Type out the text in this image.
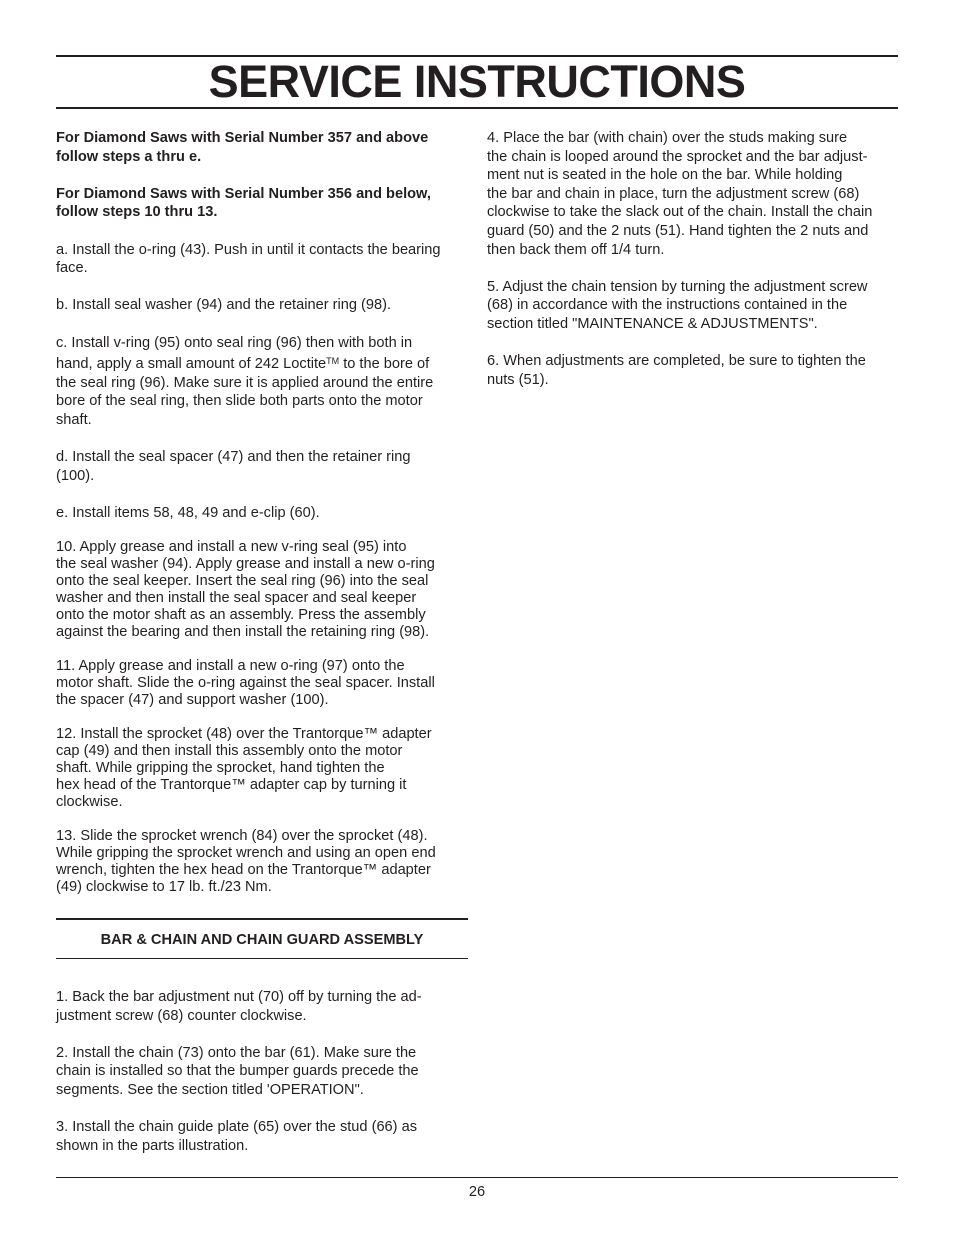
SERVICE INSTRUCTIONS

For Diamond Saws with Serial Number 357 and above
follow steps a thru e.

For Diamond Saws with Serial Number 356 and below,
follow steps 10 thru 13.

a. Install the o-ring (43). Push in until it contacts the bearing
face.

b. Install seal washer (94) and the retainer ring (98).

c. Install v-ring (95) onto seal ring (96) then with both in
hand, apply a small amount of 242 Loctite™ to the bore of
the seal ring (96). Make sure it is applied around the entire
bore of the seal ring, then slide both parts onto the motor
shaft.

d. Install the seal spacer (47) and then the retainer ring
(100).

e. Install items 58, 48, 49 and e-clip (60).

10. Apply grease and install a new v-ring seal (95) into
the seal washer (94). Apply grease and install a new o-ring
onto the seal keeper. Insert the seal ring (96) into the seal
washer and then install the seal spacer and seal keeper
onto the motor shaft as an assembly. Press the assembly
against the bearing and then install the retaining ring (98).

11. Apply grease and install a new o-ring (97) onto the
motor shaft. Slide the o-ring against the seal spacer. Install
the spacer (47) and support washer (100).

12. Install the sprocket (48) over the Trantorque™ adapter
cap (49) and then install this assembly onto the motor
shaft. While gripping the sprocket, hand tighten the
hex head of the Trantorque™ adapter cap by turning it
clockwise.

13. Slide the sprocket wrench (84) over the sprocket (48).
While gripping the sprocket wrench and using an open end
wrench, tighten the hex head on the Trantorque™ adapter
(49) clockwise to 17 lb. ft./23 Nm.

BAR & CHAIN AND CHAIN GUARD ASSEMBLY

1. Back the bar adjustment nut (70) off by turning the ad-
justment screw (68) counter clockwise.

2. Install the chain (73) onto the bar (61). Make sure the
chain is installed so that the bumper guards precede the
segments. See the section titled 'OPERATION".

3. Install the chain guide plate (65) over the stud (66) as
shown in the parts illustration.

4. Place the bar (with chain) over the studs making sure
the chain is looped around the sprocket and the bar adjust-
ment nut is seated in the hole on the bar. While holding
the bar and chain in place, turn the adjustment screw (68)
clockwise to take the slack out of the chain. Install the chain
guard (50) and the 2 nuts (51). Hand tighten the 2 nuts and
then back them off 1/4 turn.

5. Adjust the chain tension by turning the adjustment screw
(68) in accordance with the instructions contained in the
section titled "MAINTENANCE & ADJUSTMENTS".

6. When adjustments are completed, be sure to tighten the
nuts (51).

26
